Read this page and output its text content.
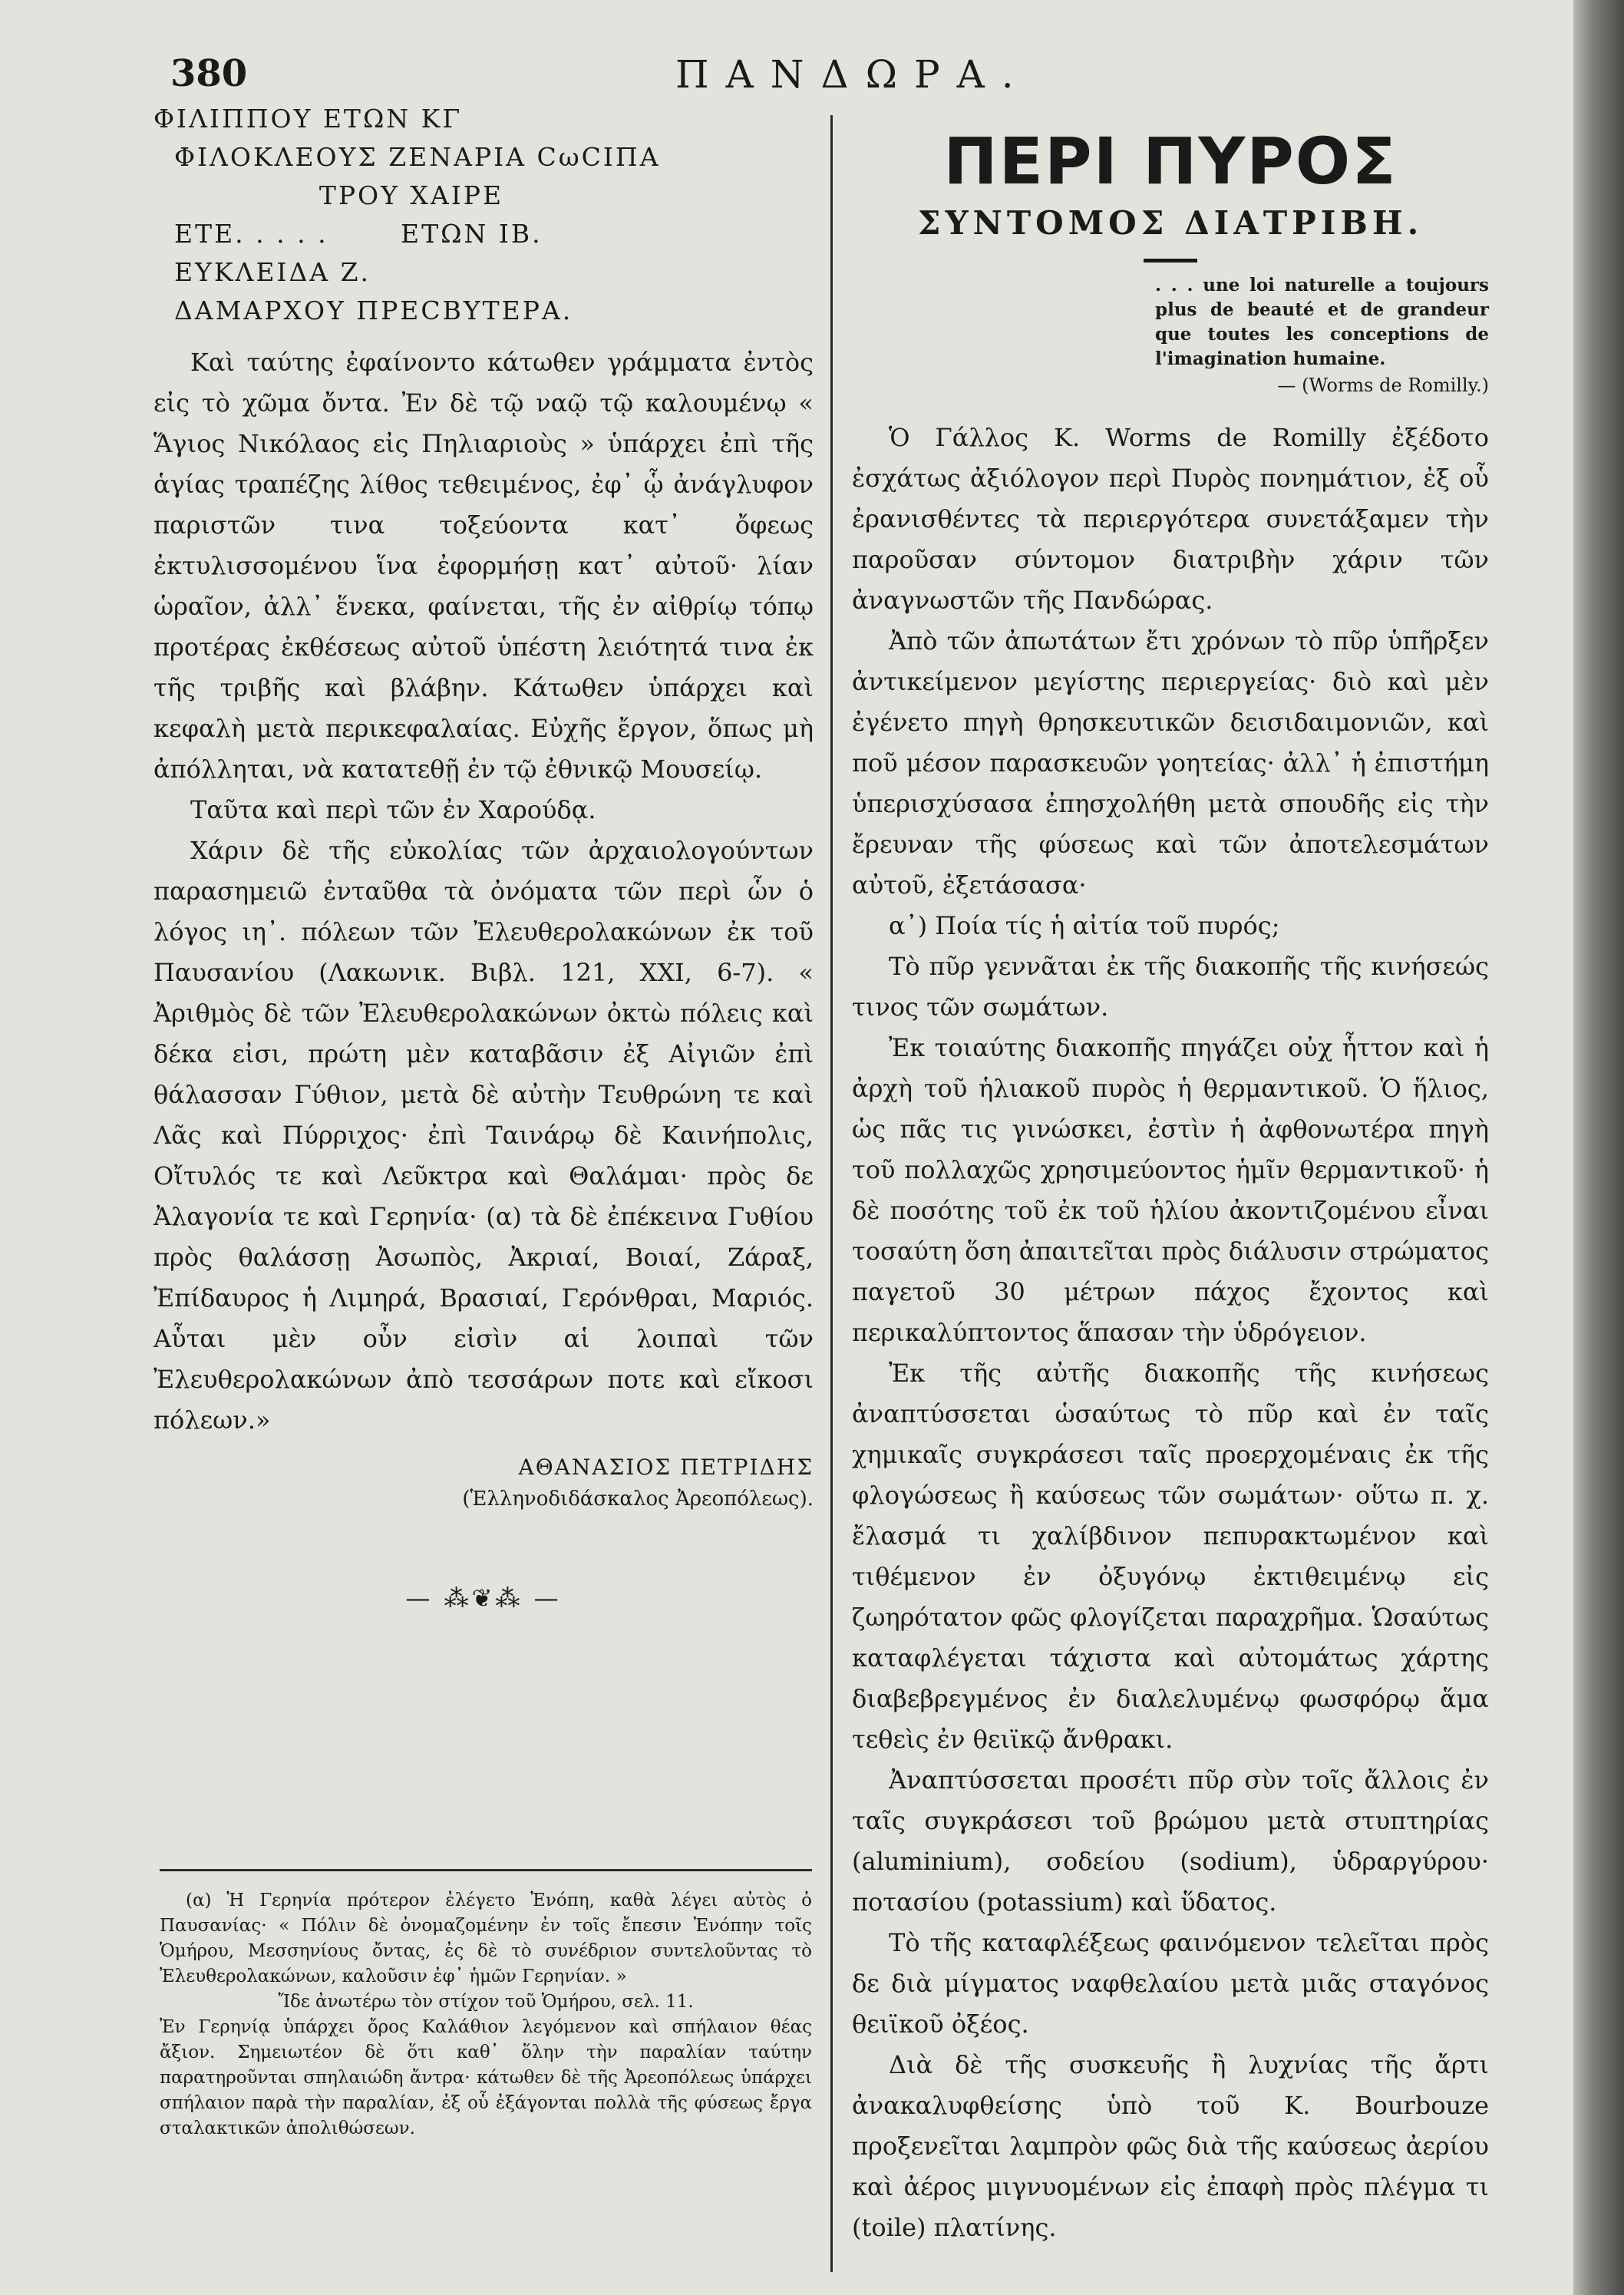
380	ΠΑΝΔΩΡΑ.

ΦΙΛΙΠΠΟΥ ΕΤΩΝ ΚΓ

ΦΙΛΟΚΛΕΟΥΣ ΖΕΝΑΡΙΑ CωCΙΠΑ

ΤΡΟΥ ΧΑΙΡΕ

ΕΤΕ. . . . .       ΕΤΩΝ ΙΒ.

ΕΥΚΛΕΙΔΑ Ζ.

ΔΑΜΑΡΧΟΥ ΠΡΕCΒΥΤΕΡΑ.

Καὶ ταύτης ἐφαίνοντο κάτωθεν γράμματα ἐντὸς εἰς τὸ χῶμα ὄντα. Ἐν δὲ τῷ ναῷ τῷ καλουμένῳ « Ἅγιος Νικόλαος εἰς Πηλιαριοὺς » ὑπάρχει ἐπὶ τῆς ἁγίας τραπέζης λίθος τεθειμένος, ἐφ᾽ ᾧ ἀνάγλυφον παριστῶν τινα τοξεύοντα κατ᾽ ὄφεως ἐκτυλισσομένου ἵνα ἐφορμήσῃ κατ᾽ αὐτοῦ· λίαν ὡραῖον, ἀλλ᾽ ἕνεκα, φαίνεται, τῆς ἐν αἰθρίῳ τόπῳ προτέρας ἐκθέσεως αὐτοῦ ὑπέστη λειότητά τινα ἐκ τῆς τριβῆς καὶ βλάβην. Κάτωθεν ὑπάρχει καὶ κεφαλὴ μετὰ περικεφαλαίας. Εὐχῆς ἔργον, ὅπως μὴ ἀπόλληται, νὰ κατατεθῇ ἐν τῷ ἐθνικῷ Μουσείῳ.

Ταῦτα καὶ περὶ τῶν ἐν Χαρούδᾳ.

Χάριν δὲ τῆς εὐκολίας τῶν ἀρχαιολογούντων παρασημειῶ ἐνταῦθα τὰ ὀνόματα τῶν περὶ ὧν ὁ λόγος ιη᾽. πόλεων τῶν Ἐλευθερολακώνων ἐκ τοῦ Παυσανίου (Λακωνικ. Βιβλ. 121, XXI, 6-7). « Ἀριθμὸς δὲ τῶν Ἐλευθερολακώνων ὀκτὼ πόλεις καὶ δέκα εἰσι, πρώτη μὲν καταβᾶσιν ἐξ Αἰγιῶν ἐπὶ θάλασσαν Γύθιον, μετὰ δὲ αὐτὴν Τευθρώνη τε καὶ Λᾶς καὶ Πύρριχος· ἐπὶ Ταινάρῳ δὲ Καινήπολις, Οἴτυλός τε καὶ Λεῦκτρα καὶ Θαλάμαι· πρὸς δε Ἀλαγονία τε καὶ Γερηνία· (α) τὰ δὲ ἐπέκεινα Γυθίου πρὸς θαλάσσῃ Ἀσωπὸς, Ἀκριαί, Βοιαί, Ζάραξ, Ἐπίδαυρος ἡ Λιμηρά, Βρασιαί, Γερόνθραι, Μαριός. Αὗται μὲν οὖν εἰσὶν αἱ λοιπαὶ τῶν Ἐλευθερολακώνων ἀπὸ τεσσάρων ποτε καὶ εἴκοσι πόλεων.»

ΑΘΑΝΑΣΙΟΣ ΠΕΤΡΙΔΗΣ
(Ἑλληνοδιδάσκαλος Ἀρεοπόλεως).
— ⁂❦⁂ —

(α) Ἡ Γερηνία πρότερον ἐλέγετο Ἐνόπη, καθὰ λέγει αὐτὸς ὁ Παυσανίας· « Πόλιν δὲ ὀνομαζομένην ἐν τοῖς ἔπεσιν Ἐνόπην τοῖς Ὁμήρου, Μεσσηνίους ὄντας, ἐς δὲ τὸ συνέδριον συντελοῦντας τὸ Ἐλευθερολακώνων, καλοῦσιν ἐφ᾽ ἡμῶν Γερηνίαν. »

Ἴδε ἀνωτέρω τὸν στίχον τοῦ Ὁμήρου, σελ. 11.

Ἐν Γερηνίᾳ ὑπάρχει ὄρος Καλάθιον λεγόμενον καὶ σπήλαιον θέας ἄξιον. Σημειωτέον δὲ ὅτι καθ᾽ ὅλην τὴν παραλίαν ταύτην παρατηροῦνται σπηλαιώδη ἄντρα· κάτωθεν δὲ τῆς Ἀρεοπόλεως ὑπάρχει σπήλαιον παρὰ τὴν παραλίαν, ἐξ οὗ ἐξάγονται πολλὰ τῆς φύσεως ἔργα σταλακτικῶν ἀπολιθώσεων.

ΠΕΡΙ ΠΥΡΟΣ
ΣΥΝΤΟΜΟΣ ΔΙΑΤΡΙΒΗ.
. . . une loi naturelle a toujours plus de beauté et de grandeur que toutes les conceptions de l'imagination humaine.
— (Worms de Romilly.)

Ὁ Γάλλος Κ. Worms de Romilly ἐξέδοτο ἐσχάτως ἀξιόλογον περὶ Πυρὸς πονημάτιον, ἐξ οὗ ἐρανισθέντες τὰ περιεργότερα συνετάξαμεν τὴν παροῦσαν σύντομον διατριβὴν χάριν τῶν ἀναγνωστῶν τῆς Πανδώρας.

Ἀπὸ τῶν ἀπωτάτων ἔτι χρόνων τὸ πῦρ ὑπῆρξεν ἀντικείμενον μεγίστης περιεργείας· διὸ καὶ μὲν ἐγένετο πηγὴ θρησκευτικῶν δεισιδαιμονιῶν, καὶ ποῦ μέσον παρασκευῶν γοητείας· ἀλλ᾽ ἡ ἐπιστήμη ὑπερισχύσασα ἐπησχολήθη μετὰ σπουδῆς εἰς τὴν ἔρευναν τῆς φύσεως καὶ τῶν ἀποτελεσμάτων αὐτοῦ, ἐξετάσασα·

α᾽) Ποία τίς ἡ αἰτία τοῦ πυρός;

Τὸ πῦρ γεννᾶται ἐκ τῆς διακοπῆς τῆς κινήσεώς τινος τῶν σωμάτων.

Ἐκ τοιαύτης διακοπῆς πηγάζει οὐχ ἧττον καὶ ἡ ἀρχὴ τοῦ ἡλιακοῦ πυρὸς ἡ θερμαντικοῦ. Ὁ ἥλιος, ὡς πᾶς τις γινώσκει, ἐστὶν ἡ ἀφθονωτέρα πηγὴ τοῦ πολλαχῶς χρησιμεύοντος ἡμῖν θερμαντικοῦ· ἡ δὲ ποσότης τοῦ ἐκ τοῦ ἡλίου ἀκοντιζομένου εἶναι τοσαύτη ὅση ἀπαιτεῖται πρὸς διάλυσιν στρώματος παγετοῦ 30 μέτρων πάχος ἔχοντος καὶ περικαλύπτοντος ἅπασαν τὴν ὑδρόγειον.

Ἐκ τῆς αὐτῆς διακοπῆς τῆς κινήσεως ἀναπτύσσεται ὡσαύτως τὸ πῦρ καὶ ἐν ταῖς χημικαῖς συγκράσεσι ταῖς προερχομέναις ἐκ τῆς φλογώσεως ἢ καύσεως τῶν σωμάτων· οὕτω π. χ. ἔλασμά τι χαλίβδινον πεπυρακτωμένον καὶ τιθέμενον ἐν ὀξυγόνῳ ἐκτιθειμένῳ εἰς ζωηρότατον φῶς φλογίζεται παραχρῆμα. Ὡσαύτως καταφλέγεται τάχιστα καὶ αὐτομάτως χάρτης διαβεβρεγμένος ἐν διαλελυμένῳ φωσφόρῳ ἅμα τεθεὶς ἐν θειϊκῷ ἄνθρακι.

Ἀναπτύσσεται προσέτι πῦρ σὺν τοῖς ἄλλοις ἐν ταῖς συγκράσεσι τοῦ βρώμου μετὰ στυπτηρίας (aluminium), σοδείου (sodium), ὑδραργύρου· ποτασίου (potassium) καὶ ὕδατος.

Τὸ τῆς καταφλέξεως φαινόμενον τελεῖται πρὸς δε διὰ μίγματος ναφθελαίου μετὰ μιᾶς σταγόνος θειϊκοῦ ὀξέος.

Διὰ δὲ τῆς συσκευῆς ἢ λυχνίας τῆς ἄρτι ἀνακαλυφθείσης ὑπὸ τοῦ Κ. Bourbouze προξενεῖται λαμπρὸν φῶς διὰ τῆς καύσεως ἀερίου καὶ ἀέρος μιγνυομένων εἰς ἐπαφὴ πρὸς πλέγμα τι (toile) πλατίνης.
